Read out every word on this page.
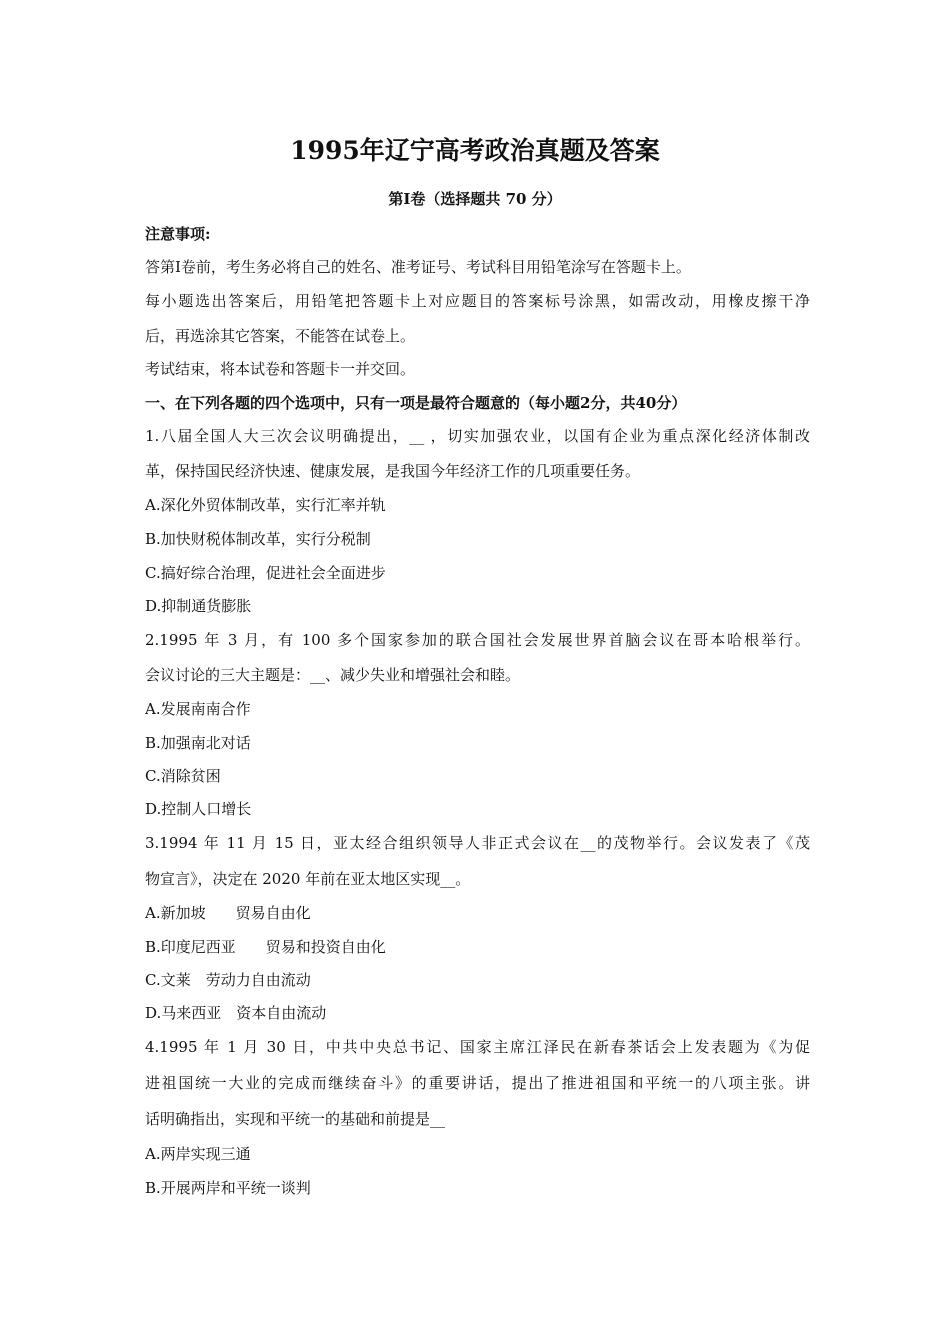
1995年辽宁高考政治真题及答案
第Ⅰ卷（选择题共 70 分）
注意事项:
答第Ⅰ卷前，考生务必将自己的姓名、准考证号、考试科目用铅笔涂写在答题卡上。
每小题选出答案后，用铅笔把答题卡上对应题目的答案标号涂黑，如需改动，用橡皮擦干净
后，再选涂其它答案，不能答在试卷上。
考试结束，将本试卷和答题卡一并交回。
一、在下列各题的四个选项中，只有一项是最符合题意的（每小题2分，共40分）
1.八届全国人大三次会议明确提出，__ ，切实加强农业，以国有企业为重点深化经济体制改
革，保持国民经济快速、健康发展，是我国今年经济工作的几项重要任务。
A.深化外贸体制改革，实行汇率并轨
B.加快财税体制改革，实行分税制
C.搞好综合治理，促进社会全面进步
D.抑制通货膨胀
2.1995 年 3 月，有 100 多个国家参加的联合国社会发展世界首脑会议在哥本哈根举行。
会议讨论的三大主题是：__、减少失业和增强社会和睦。
A.发展南南合作
B.加强南北对话
C.消除贫困
D.控制人口增长
3.1994 年 11 月 15 日，亚太经合组织领导人非正式会议在__的茂物举行。会议发表了《茂
物宣言》，决定在 2020 年前在亚太地区实现__。
A.新加坡　　贸易自由化
B.印度尼西亚　　贸易和投资自由化
C.文莱　劳动力自由流动
D.马来西亚　资本自由流动
4.1995 年 1 月 30 日，中共中央总书记、国家主席江泽民在新春茶话会上发表题为《为促
进祖国统一大业的完成而继续奋斗》的重要讲话，提出了推进祖国和平统一的八项主张。讲
话明确指出，实现和平统一的基础和前提是__
A.两岸实现三通
B.开展两岸和平统一谈判
